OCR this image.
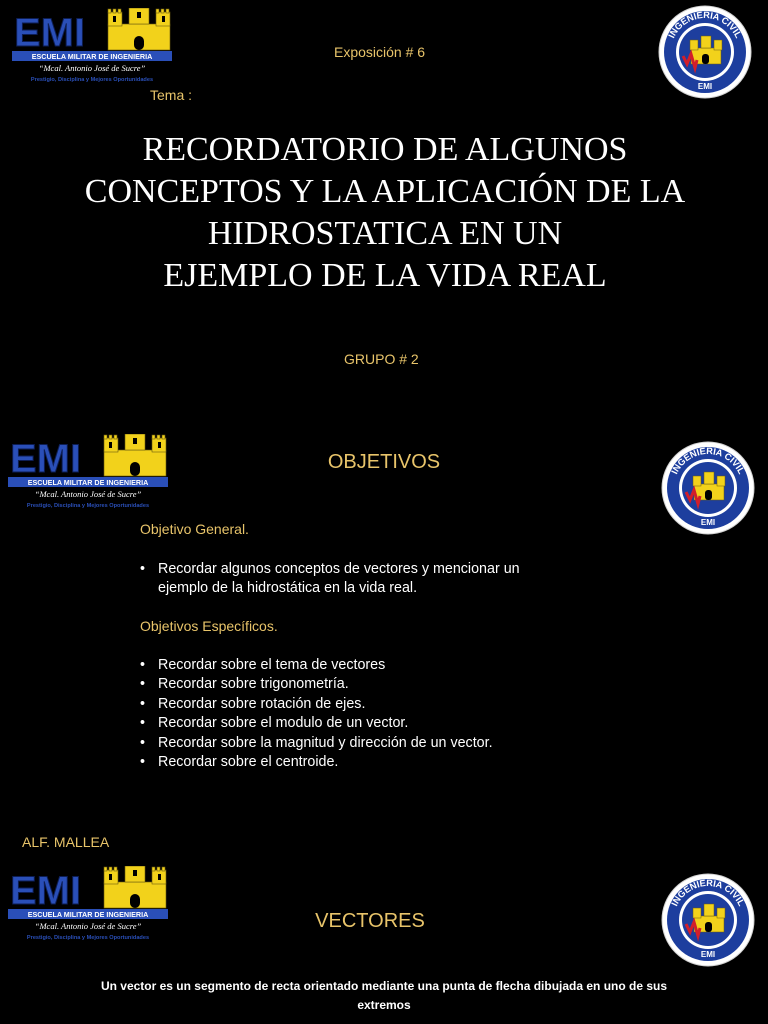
ESCUELA MILITAR DE INGENIERIA
“Mcal. Antonio José de Sucre”
Prestigio, Disciplina y Mejores Oportunidades
Exposición # 6
INGENIERIA CIVIL
EMI
Tema :
RECORDATORIO DE ALGUNOS
CONCEPTOS Y LA APLICACIÓN DE LA
HIDROSTATICA EN UN
EJEMPLO DE LA VIDA REAL
GRUPO # 2
ESCUELA MILITAR DE INGENIERIA
“Mcal. Antonio José de Sucre”
Prestigio, Disciplina y Mejores Oportunidades
OBJETIVOS	INGENIERIA CIVIL
EMI
Objetivo General.
• Recordar algunos conceptos de vectores y mencionar un
ejemplo de la hidrostática en la vida real.
Objetivos Específicos.
• Recordar sobre el tema de vectores
• Recordar sobre trigonometría.
• Recordar sobre rotación de ejes.
• Recordar sobre el modulo de un vector.
• Recordar sobre la magnitud y dirección de un vector.
• Recordar sobre el centroide.
ALF. MALLEA
ESCUELA MILITAR DE INGENIERIA
“Mcal. Antonio José de Sucre”
Prestigio, Disciplina y Mejores Oportunidades
VECTORES
INGENIERIA CIVIL
EMI
Un vector es un segmento de recta orientado mediante una punta de flecha dibujada en uno de sus
extremos
